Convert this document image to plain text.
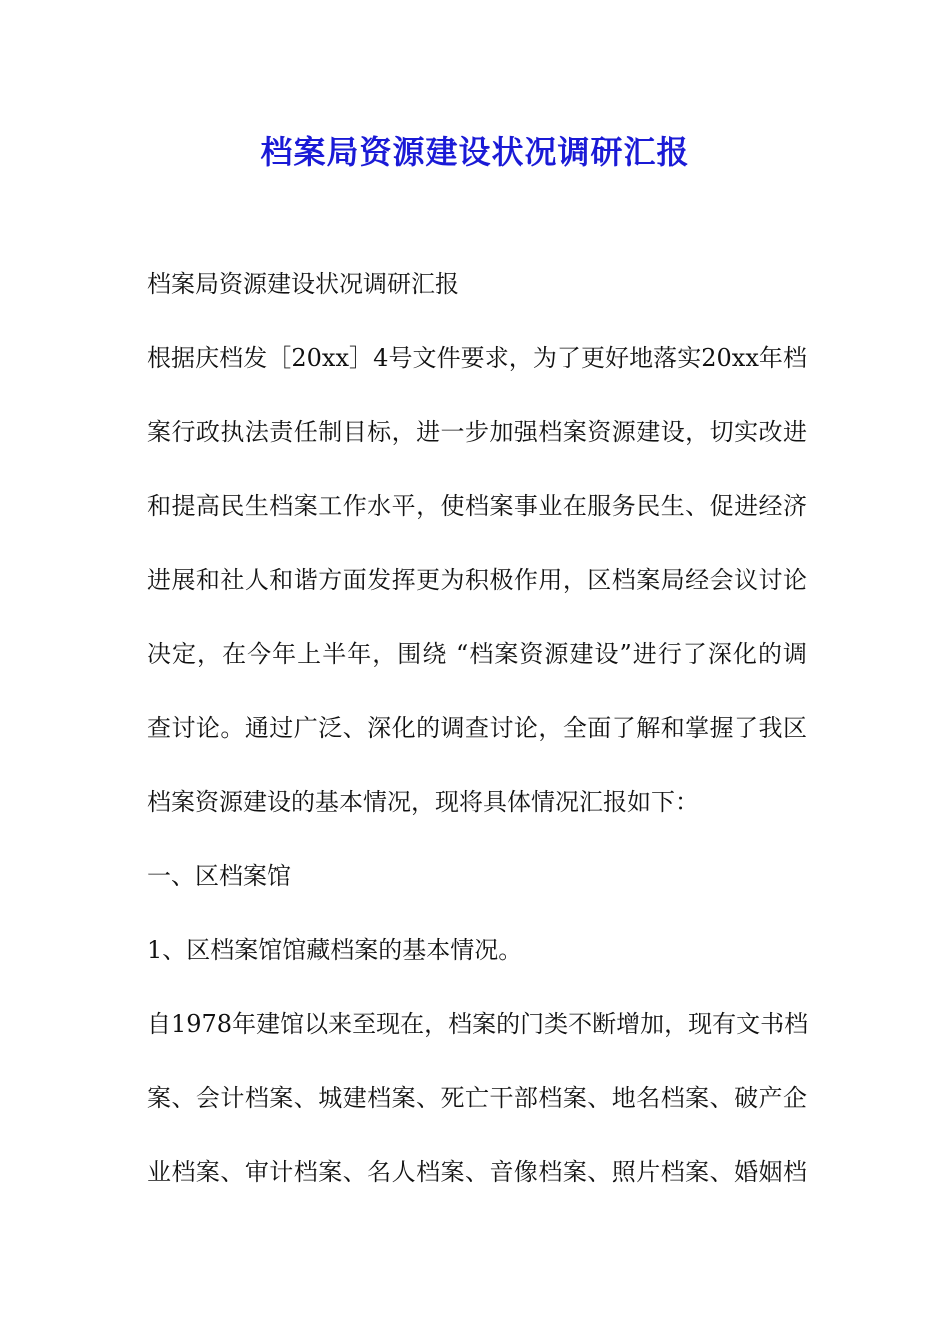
档案局资源建设状况调研汇报
档案局资源建设状况调研汇报
根据庆档发［20xx］4号文件要求，为了更好地落实20xx年档
案行政执法责任制目标，进一步加强档案资源建设，切实改进
和提高民生档案工作水平，使档案事业在服务民生、促进经济
进展和社人和谐方面发挥更为积极作用，区档案局经会议讨论
决定，在今年上半年，围绕 “档案资源建设”进行了深化的调
查讨论。通过广泛、深化的调查讨论，全面了解和掌握了我区
档案资源建设的基本情况，现将具体情况汇报如下：
一、区档案馆
1、区档案馆馆藏档案的基本情况。
自1978年建馆以来至现在，档案的门类不断增加，现有文书档
案、会计档案、城建档案、死亡干部档案、地名档案、破产企
业档案、审计档案、名人档案、音像档案、照片档案、婚姻档
